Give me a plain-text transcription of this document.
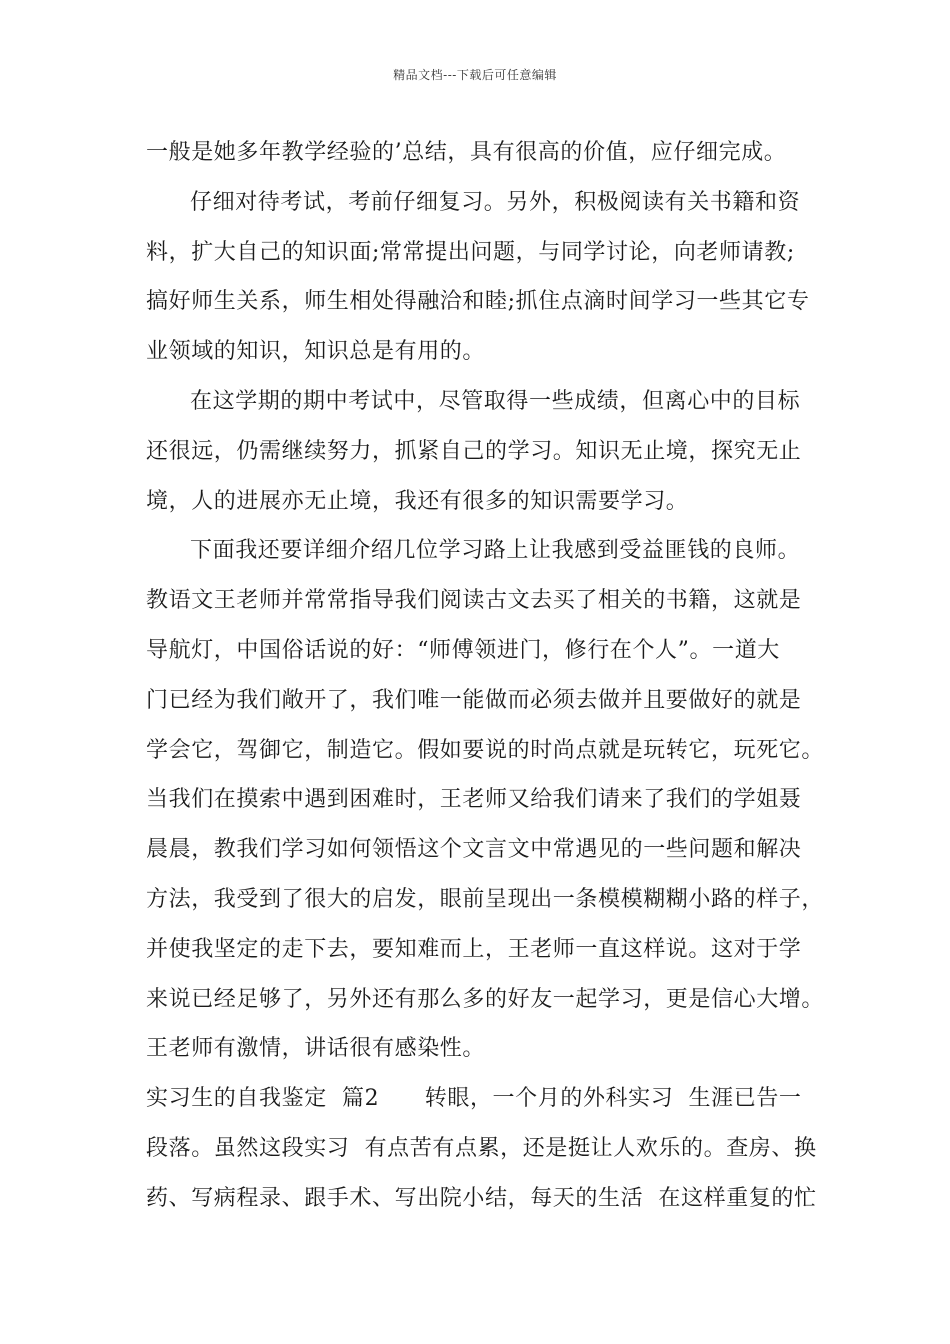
精品文档---下载后可任意编辑
一般是她多年教学经验的’总结，具有很高的价值，应仔细完成。
仔细对待考试，考前仔细复习。另外，积极阅读有关书籍和资
料，扩大自己的知识面;常常提出问题，与同学讨论，向老师请教;
搞好师生关系，师生相处得融洽和睦;抓住点滴时间学习一些其它专
业领域的知识，知识总是有用的。
在这学期的期中考试中，尽管取得一些成绩，但离心中的目标
还很远，仍需继续努力，抓紧自己的学习。知识无止境，探究无止
境，人的进展亦无止境，我还有很多的知识需要学习。
下面我还要详细介绍几位学习路上让我感到受益匪钱的良师。
教语文王老师并常常指导我们阅读古文去买了相关的书籍，这就是
导航灯，中国俗话说的好：“师傅领进门，修行在个人”。一道大
门已经为我们敞开了，我们唯一能做而必须去做并且要做好的就是
学会它，驾御它，制造它。假如要说的时尚点就是玩转它，玩死它。
当我们在摸索中遇到困难时，王老师又给我们请来了我们的学姐聂
晨晨，教我们学习如何领悟这个文言文中常遇见的一些问题和解决
方法，我受到了很大的启发，眼前呈现出一条模模糊糊小路的样子，
并使我坚定的走下去，要知难而上，王老师一直这样说。这对于学
来说已经足够了，另外还有那么多的好友一起学习，更是信心大增。
王老师有激情，讲话很有感染性。
实习生的自我鉴定  篇2      转眼，一个月的外科实习  生涯已告一
段落。虽然这段实习  有点苦有点累，还是挺让人欢乐的。查房、换
药、写病程录、跟手术、写出院小结，每天的生活  在这样重复的忙
